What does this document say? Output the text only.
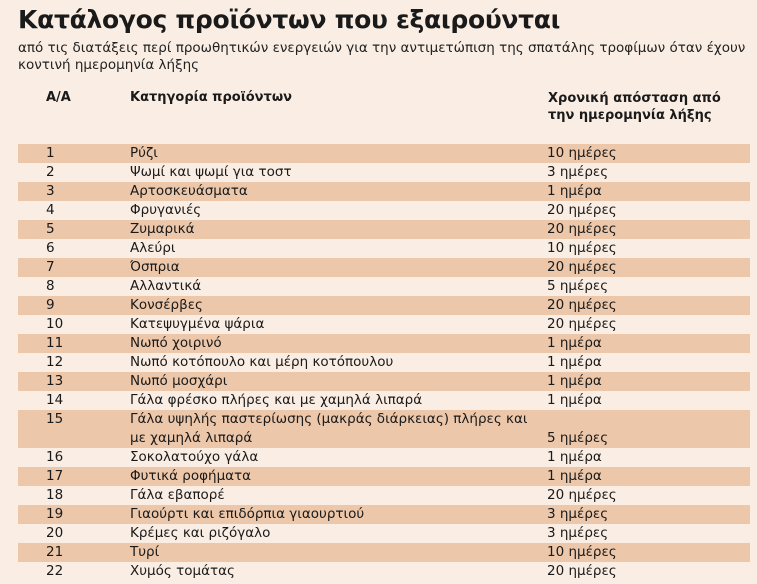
Κατάλογος προϊόντων που εξαιρούνται
από τις διατάξεις περί προωθητικών ενεργειών για την αντιμετώπιση της σπατάλης τροφίμων όταν έχουν κοντινή ημερομηνία λήξης
Α/Α	Κατηγορία προϊόντων	Χρονική απόσταση από την ημερομηνία λήξης
1	Ρύζι	10 ημέρες
2	Ψωμί και ψωμί για τοστ	3 ημέρες
3	Αρτοσκευάσματα	1 ημέρα
4	Φρυγανιές	20 ημέρες
5	Ζυμαρικά	20 ημέρες
6	Αλεύρι	10 ημέρες
7	Όσπρια	20 ημέρες
8	Αλλαντικά	5 ημέρες
9	Κονσέρβες	20 ημέρες
10	Κατεψυγμένα ψάρια	20 ημέρες
11	Νωπό χοιρινό	1 ημέρα
12	Νωπό κοτόπουλο και μέρη κοτόπουλου	1 ημέρα
13	Νωπό μοσχάρι	1 ημέρα
14	Γάλα φρέσκο πλήρες και με χαμηλά λιπαρά	1 ημέρα
15	Γάλα υψηλής παστερίωσης (μακράς διάρκειας) πλήρες και με χαμηλά λιπαρά	5 ημέρες
16	Σοκολατούχο γάλα	1 ημέρα
17	Φυτικά ροφήματα	1 ημέρα
18	Γάλα εβαπορέ	20 ημέρες
19	Γιαούρτι και επιδόρπια γιαουρτιού	3 ημέρες
20	Κρέμες και ριζόγαλο	3 ημέρες
21	Τυρί	10 ημέρες
22	Χυμός τομάτας	20 ημέρες
